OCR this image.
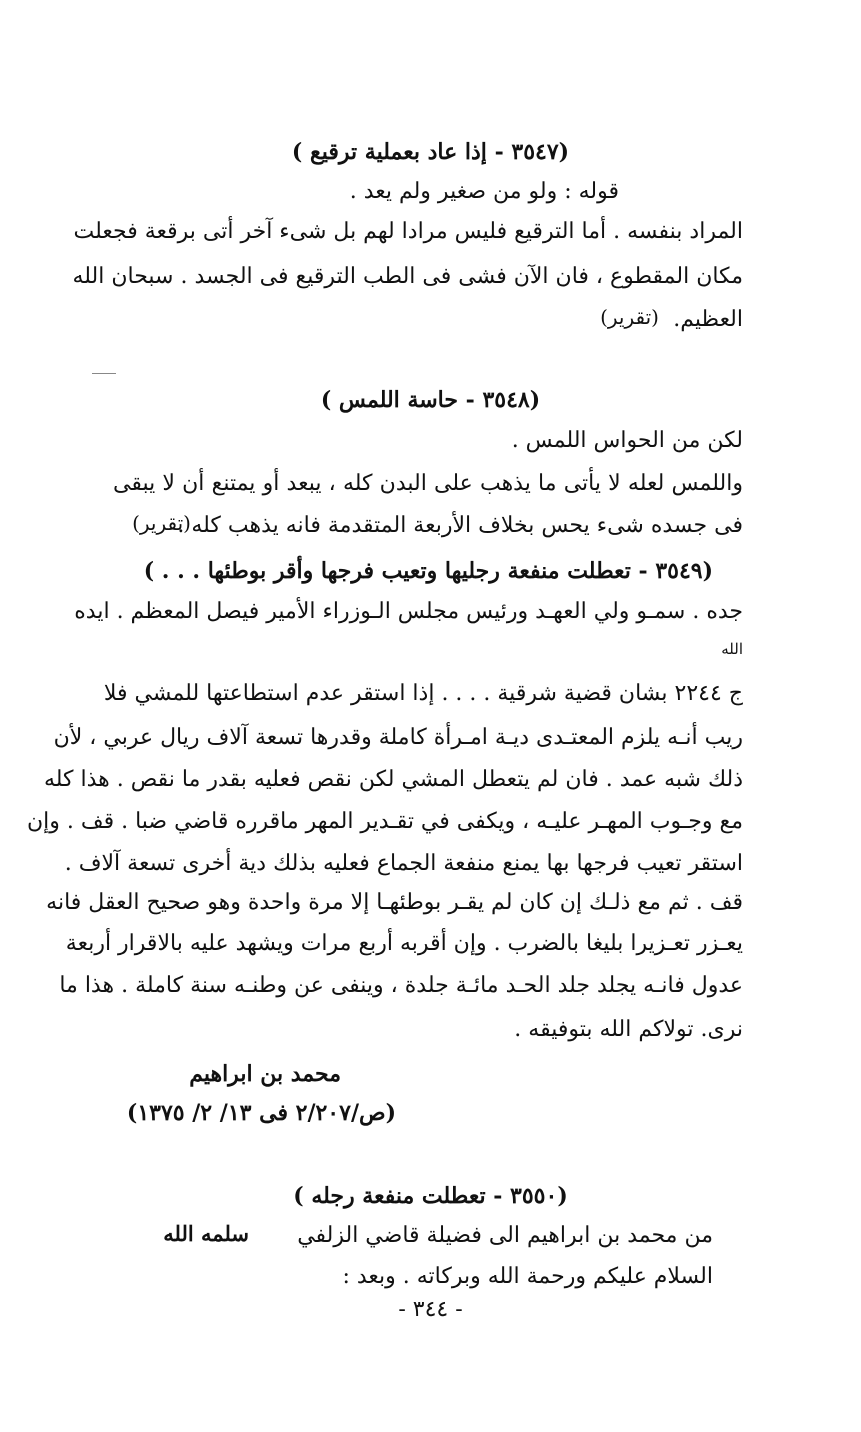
(٣٥٤٧ - إذا عاد بعملية ترقيع )
قوله : ولو من صغير ولم يعد .
المراد بنفسه . أما الترقيع فليس مرادا لهم بل شىء آخر أتى برقعة فجعلت
مكان المقطوع ، فان الآن فشى فى الطب الترقيع فى الجسد . سبحان الله
العظيم.
(تقرير)
(٣٥٤٨ - حاسة اللمس )
لكن من الحواس اللمس .
واللمس لعله لا يأتى ما يذهب على البدن كله ، يبعد أو يمتنع أن لا يبقى
فى جسده شىء يحس بخلاف الأربعة المتقدمة فانه يذهب كله .
(تقرير)
(٣٥٤٩ - تعطلت منفعة رجليها وتعيب فرجها وأقر بوطئها . . . )
جده . سمـو ولي العهـد ورئيس مجلس الـوزراء الأمير فيصل المعظم . ايده
الله
ج ٢٢٤٤ بشان قضية شرقية . . . . إذا استقر عدم استطاعتها للمشي فلا
ريب أنـه يلزم المعتـدى ديـة امـرأة كاملة وقدرها تسعة آلاف ريال عربي ، لأن
ذلك شبه عمد . فان لم يتعطل المشي لكن نقص فعليه بقدر ما نقص . هذا كله
مع وجـوب المهـر عليـه ، ويكفى في تقـدير المهر ماقرره قاضي ضبا . قف . وإن
استقر تعيب فرجها بها يمنع منفعة الجماع فعليه بذلك دية أخرى تسعة آلاف .
قف . ثم مع ذلـك إن كان لم يقـر بوطئهـا إلا مرة واحدة وهو صحيح العقل فانه
يعـزر تعـزيرا بليغا بالضرب . وإن أقربه أربع مرات ويشهد عليه بالاقرار أربعة
عدول فانـه يجلد جلد الحـد مائـة جلدة ، وينفى عن وطنـه سنة كاملة . هذا ما
نرى. تولاكم الله بتوفيقه .
محمد بن ابراهيم
(ص/٢/٢٠٧ فى ١٣/ ٢/ ١٣٧٥)
(٣٥٥٠ - تعطلت منفعة رجله )
من محمد بن ابراهيم الى فضيلة قاضي الزلفي
سلمه الله
السلام عليكم ورحمة الله وبركاته . وبعد :
- ٣٤٤ -
